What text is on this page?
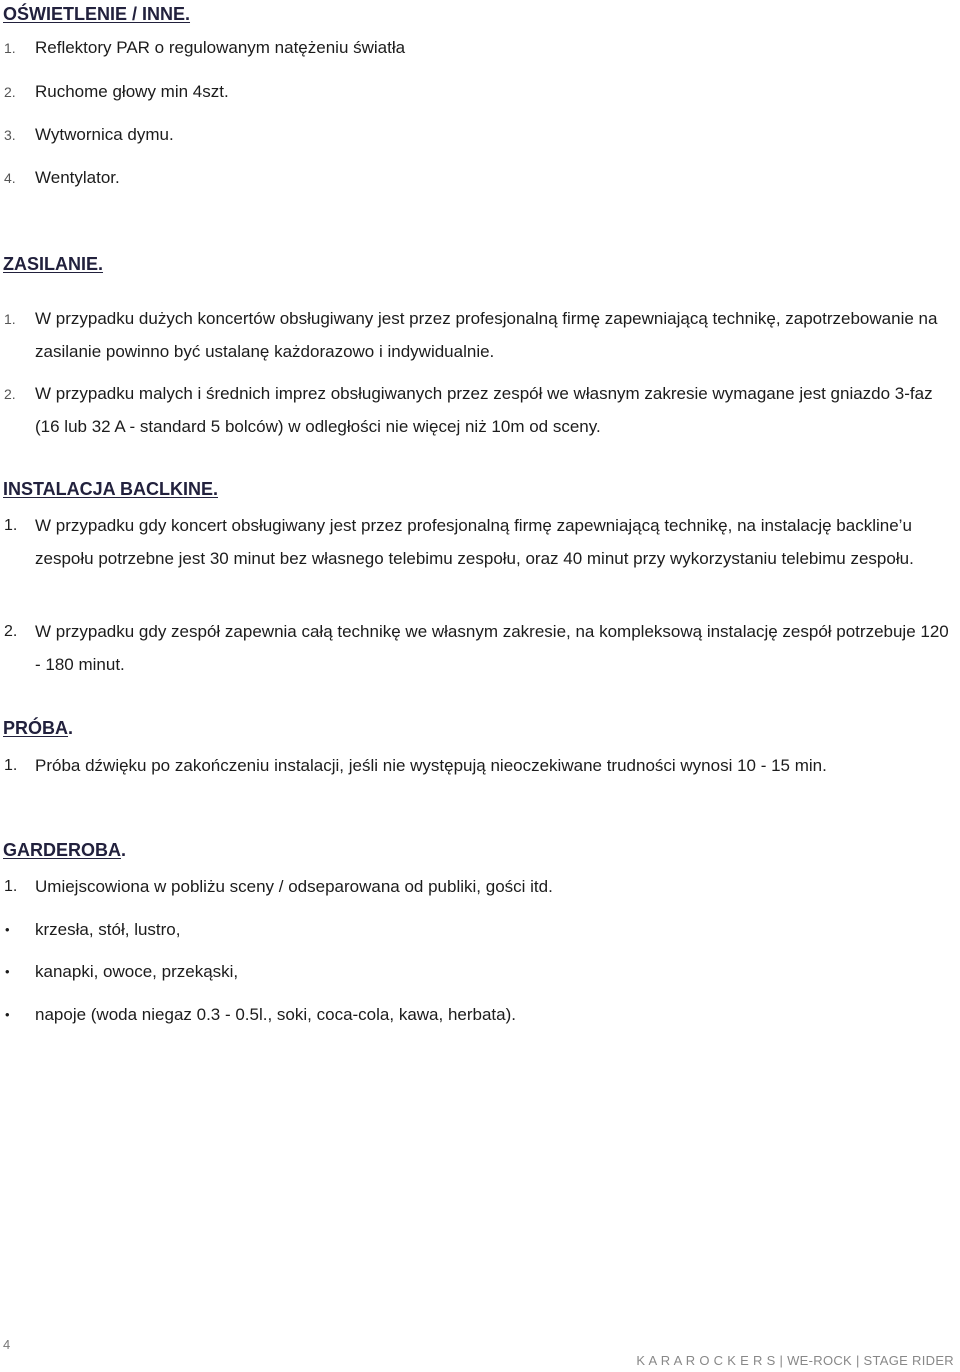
OŚWIETLENIE / INNE.
1. Reflektory PAR o regulowanym natężeniu światła
2. Ruchome głowy min 4szt.
3. Wytwornica dymu.
4. Wentylator.
ZASILANIE.
1. W przypadku dużych koncertów obsługiwany jest przez profesjonalną firmę zapewniającą technikę, zapotrzebowanie na zasilanie powinno być ustalanę każdorazowo i indywidualnie.
2. W przypadku malych i średnich imprez obsługiwanych przez zespół we własnym zakresie wymagane jest gniazdo 3-faz (16 lub 32 A - standard 5 bolców) w odległości nie więcej niż 10m od sceny.
INSTALACJA BACLKINE.
1. W przypadku gdy koncert obsługiwany jest przez profesjonalną firmę zapewniającą technikę, na instalację backline’u zespołu potrzebne jest 30 minut bez własnego telebimu zespołu, oraz 40 minut przy wykorzystaniu telebimu zespołu.
2. W przypadku gdy zespół zapewnia całą technikę we własnym zakresie, na kompleksową instalację zespół potrzebuje 120 - 180 minut.
PRÓBA.
1. Próba dźwięku po zakończeniu instalacji, jeśli nie występują nieoczekiwane trudności wynosi 10 - 15 min.
GARDEROBA.
1. Umiejscowiona w pobliżu sceny / odseparowana od publiki, gości itd.
• krzesła, stół, lustro,
• kanapki, owoce, przekąski,
• napoje (woda niegaz 0.3 - 0.5l., soki, coca-cola, kawa, herbata).
4
K A R A R O C K E R S | WE-ROCK | STAGE RIDER
